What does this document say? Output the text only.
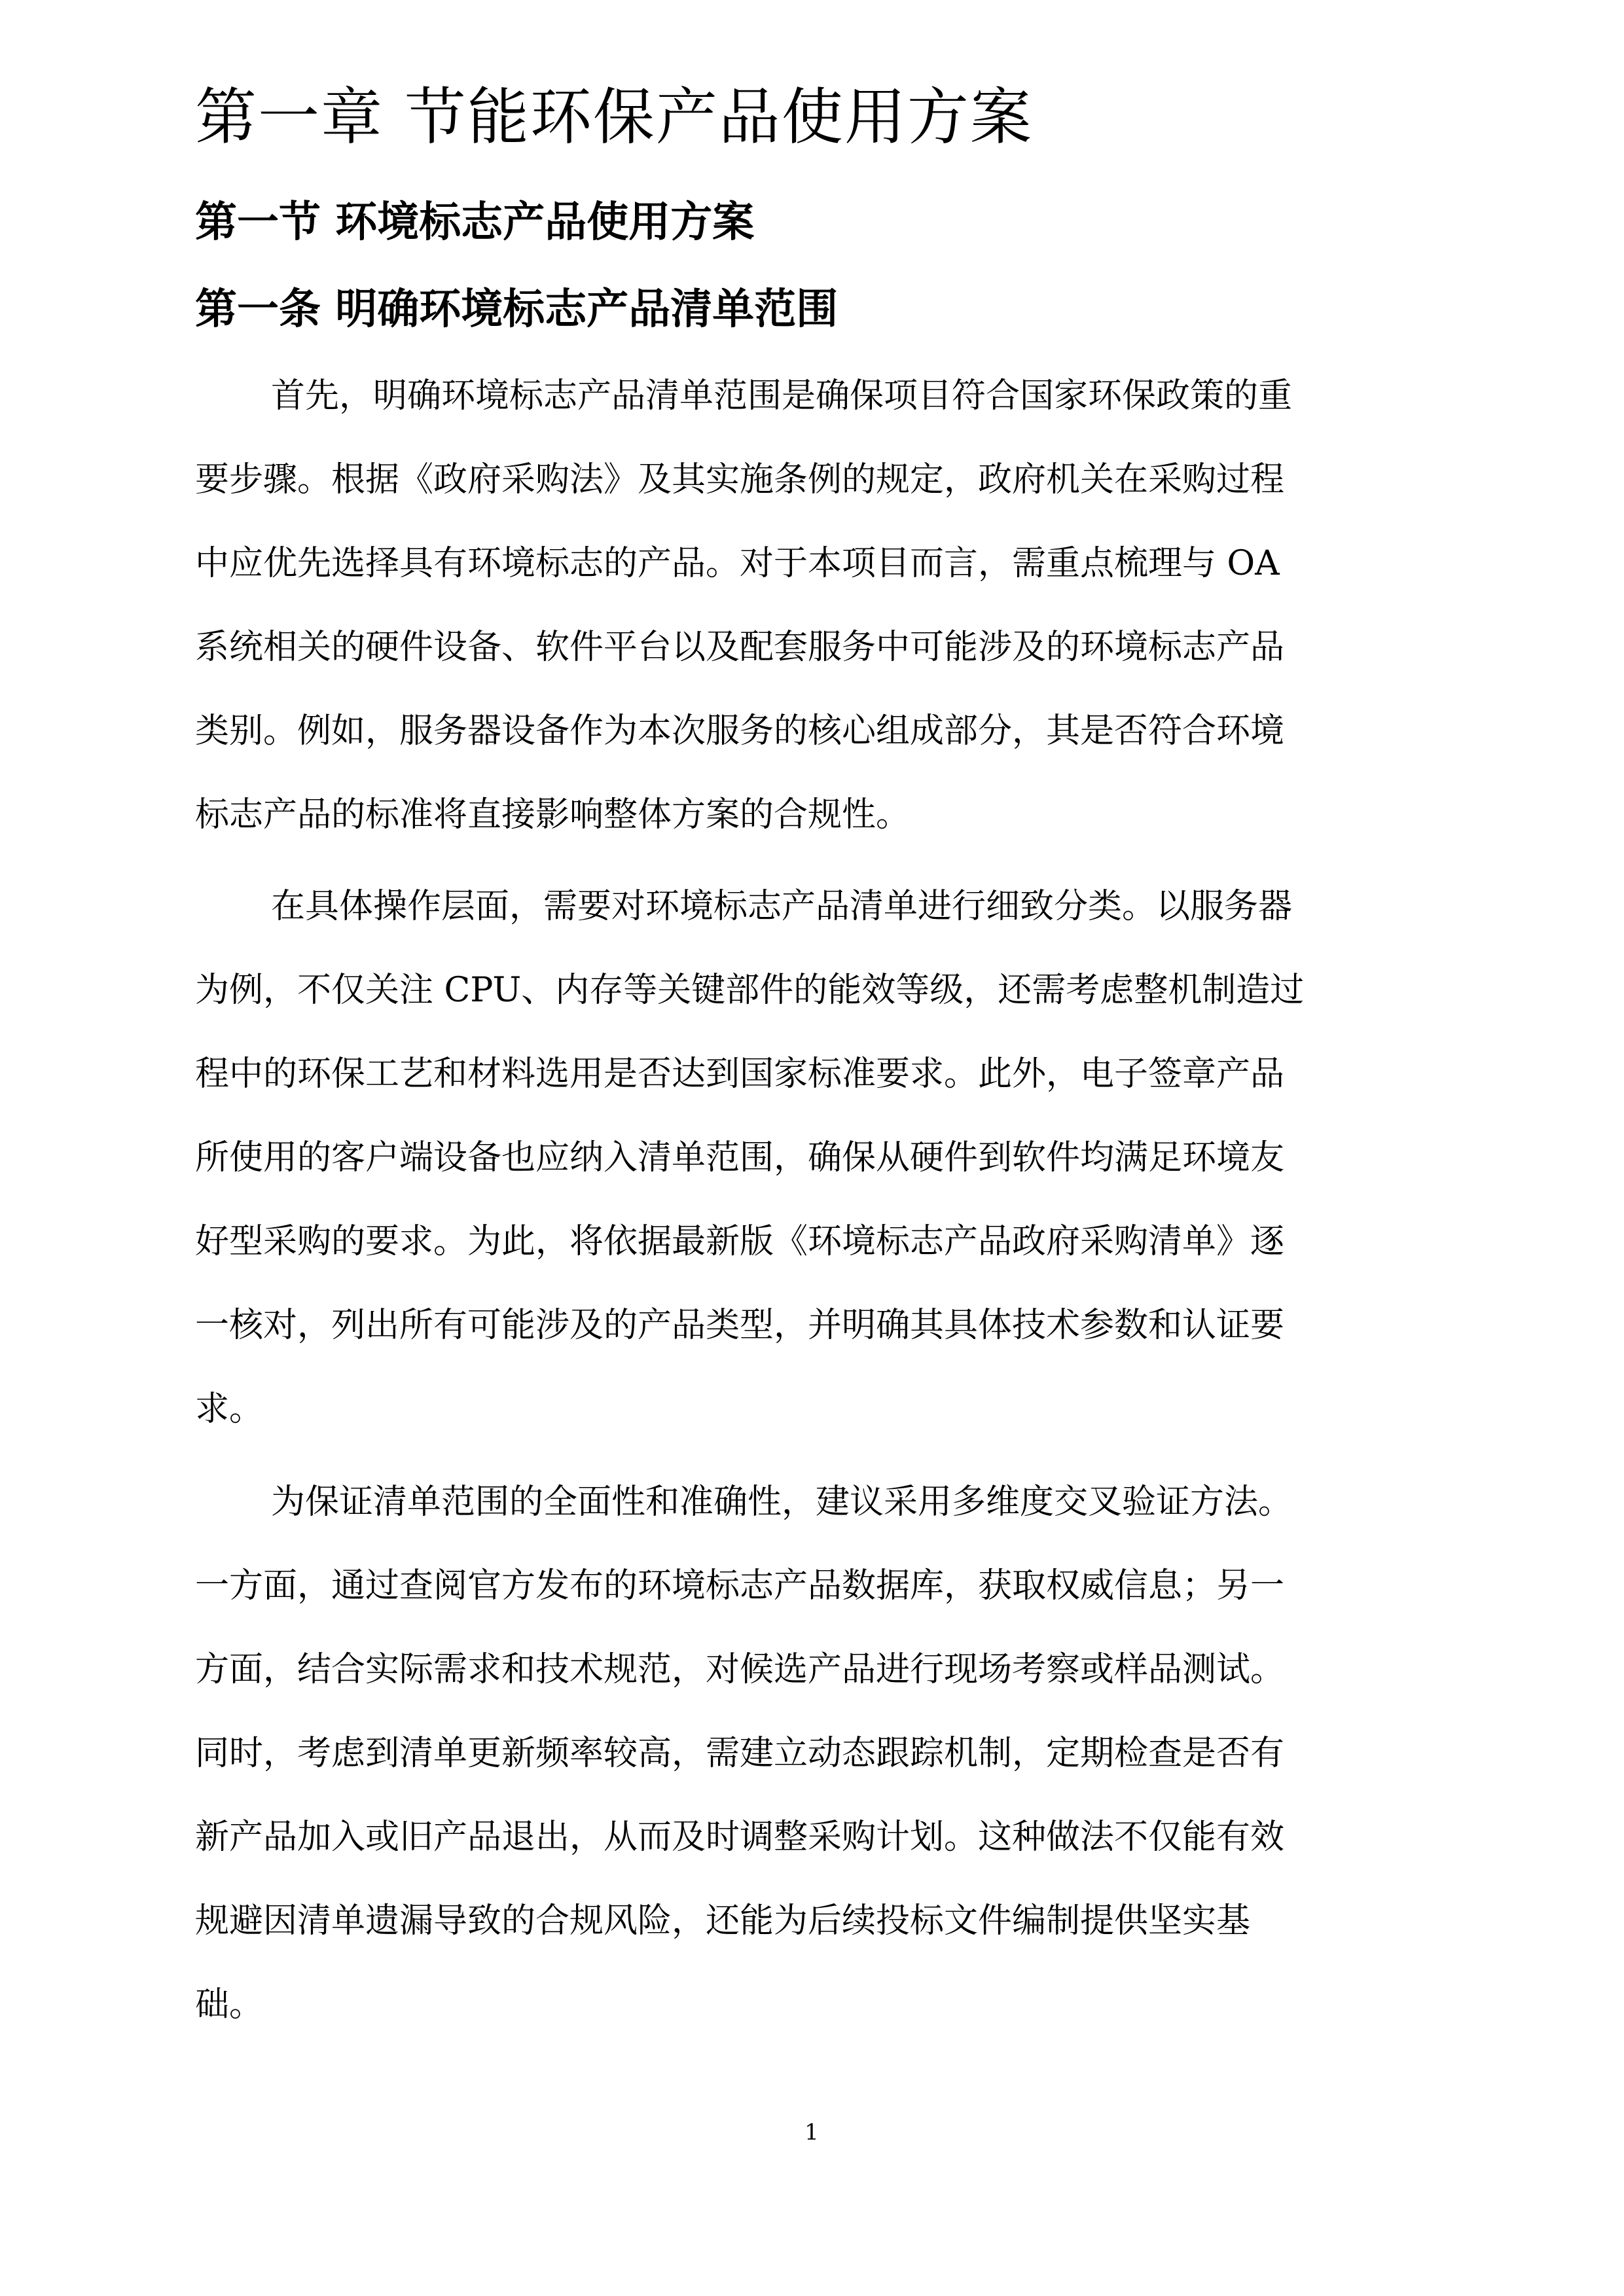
第一章 节能环保产品使用方案
第一节 环境标志产品使用方案
第一条 明确环境标志产品清单范围
首先，明确环境标志产品清单范围是确保项目符合国家环保政策的重
要步骤。根据《政府采购法》及其实施条例的规定，政府机关在采购过程
中应优先选择具有环境标志的产品。对于本项目而言，需重点梳理与 OA
系统相关的硬件设备、软件平台以及配套服务中可能涉及的环境标志产品
类别。例如，服务器设备作为本次服务的核心组成部分，其是否符合环境
标志产品的标准将直接影响整体方案的合规性。
在具体操作层面，需要对环境标志产品清单进行细致分类。以服务器
为例，不仅关注 CPU、内存等关键部件的能效等级，还需考虑整机制造过
程中的环保工艺和材料选用是否达到国家标准要求。此外，电子签章产品
所使用的客户端设备也应纳入清单范围，确保从硬件到软件均满足环境友
好型采购的要求。为此，将依据最新版《环境标志产品政府采购清单》逐
一核对，列出所有可能涉及的产品类型，并明确其具体技术参数和认证要
求。
为保证清单范围的全面性和准确性，建议采用多维度交叉验证方法。
一方面，通过查阅官方发布的环境标志产品数据库，获取权威信息；另一
方面，结合实际需求和技术规范，对候选产品进行现场考察或样品测试。
同时，考虑到清单更新频率较高，需建立动态跟踪机制，定期检查是否有
新产品加入或旧产品退出，从而及时调整采购计划。这种做法不仅能有效
规避因清单遗漏导致的合规风险，还能为后续投标文件编制提供坚实基
础。
1
